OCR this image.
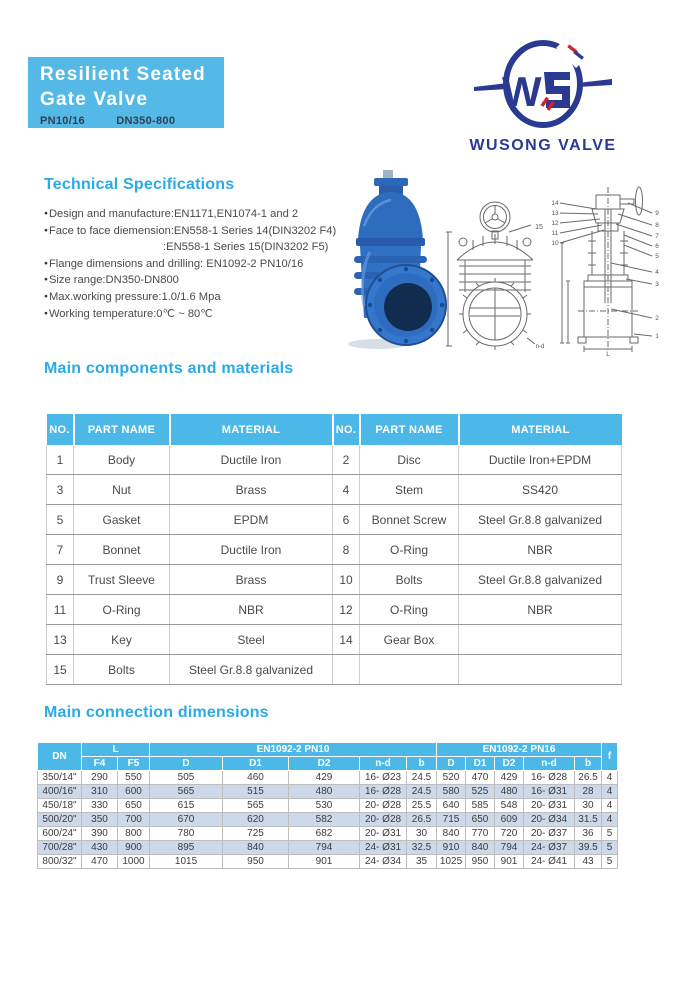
Resilient Seated
Gate Valve
PN10/16	DN350-800
W
WUSONG VALVE
Technical Specifications
●Design and manufacture:EN1171,EN1074-1 and 2
●Face to face diemension:EN558-1 Series 14(DIN3202 F4)
:EN558-1 Series 15(DIN3202 F5)
●Flange dimensions and drilling: EN1092-2 PN10/16
●Size range:DN350-DN800
●Max.working pressure:1.0/1.6 Mpa
●Working temperature:0℃ ~ 80℃
15
n-d
14
13
12
11
10
9
8
7
6
5
4
3
2
1
L
Main components and materials
NO.	PART NAME	MATERIAL	NO.	PART NAME	MATERIAL
1	Body	Ductile Iron	2	Disc	Ductile Iron+EPDM
3	Nut	Brass	4	Stem	SS420
5	Gasket	EPDM	6	Bonnet Screw	Steel Gr.8.8 galvanized
7	Bonnet	Ductile Iron	8	O-Ring	NBR
9	Trust Sleeve	Brass	10	Bolts	Steel Gr.8.8 galvanized
11	O-Ring	NBR	12	O-Ring	NBR
13	Key	Steel	14	Gear Box	
15	Bolts	Steel Gr.8.8 galvanized			
Main connection dimensions
DN	L		EN1092-2 PN10					EN1092-2 PN16					f
	F4	F5	D	D1	D2	n-d	b	D	D1	D2	n-d	b	
350/14"	290	550	505	460	429	16- Ø23	24.5	520	470	429	16- Ø28	26.5	4
400/16"	310	600	565	515	480	16- Ø28	24.5	580	525	480	16- Ø31	28	4
450/18"	330	650	615	565	530	20- Ø28	25.5	640	585	548	20- Ø31	30	4
500/20"	350	700	670	620	582	20- Ø28	26.5	715	650	609	20- Ø34	31.5	4
600/24"	390	800	780	725	682	20- Ø31	30	840	770	720	20- Ø37	36	5
700/28"	430	900	895	840	794	24- Ø31	32.5	910	840	794	24- Ø37	39.5	5
800/32"	470	1000	1015	950	901	24- Ø34	35	1025	950	901	24- Ø41	43	5
